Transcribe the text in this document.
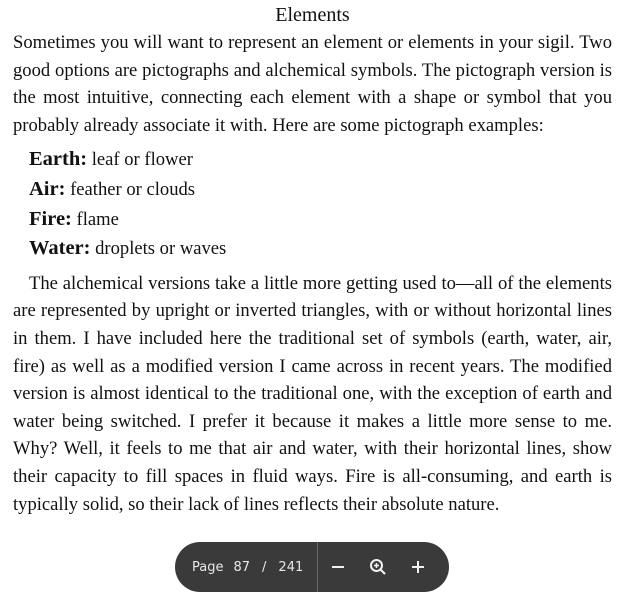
Elements

Sometimes you will want to represent an element or elements in your sigil. Two good options are pictographs and alchemical symbols. The pictograph version is the most intuitive, connecting each element with a shape or symbol that you probably already associate it with. Here are some pictograph examples:

Earth: leaf or flower
Air: feather or clouds
Fire: flame
Water: droplets or waves

The alchemical versions take a little more getting used to—all of the elements are represented by upright or inverted triangles, with or without horizontal lines in them. I have included here the traditional set of symbols (earth, water, air, fire) as well as a modified version I came across in recent years. The modified version is almost identical to the traditional one, with the exception of earth and water being switched. I prefer it because it makes a little more sense to me. Why? Well, it feels to me that air and water, with their horizontal lines, show their capacity to fill spaces in fluid ways. Fire is all-consuming, and earth is typically solid, so their lack of lines reflects their absolute nature.

Page 87 / 241
